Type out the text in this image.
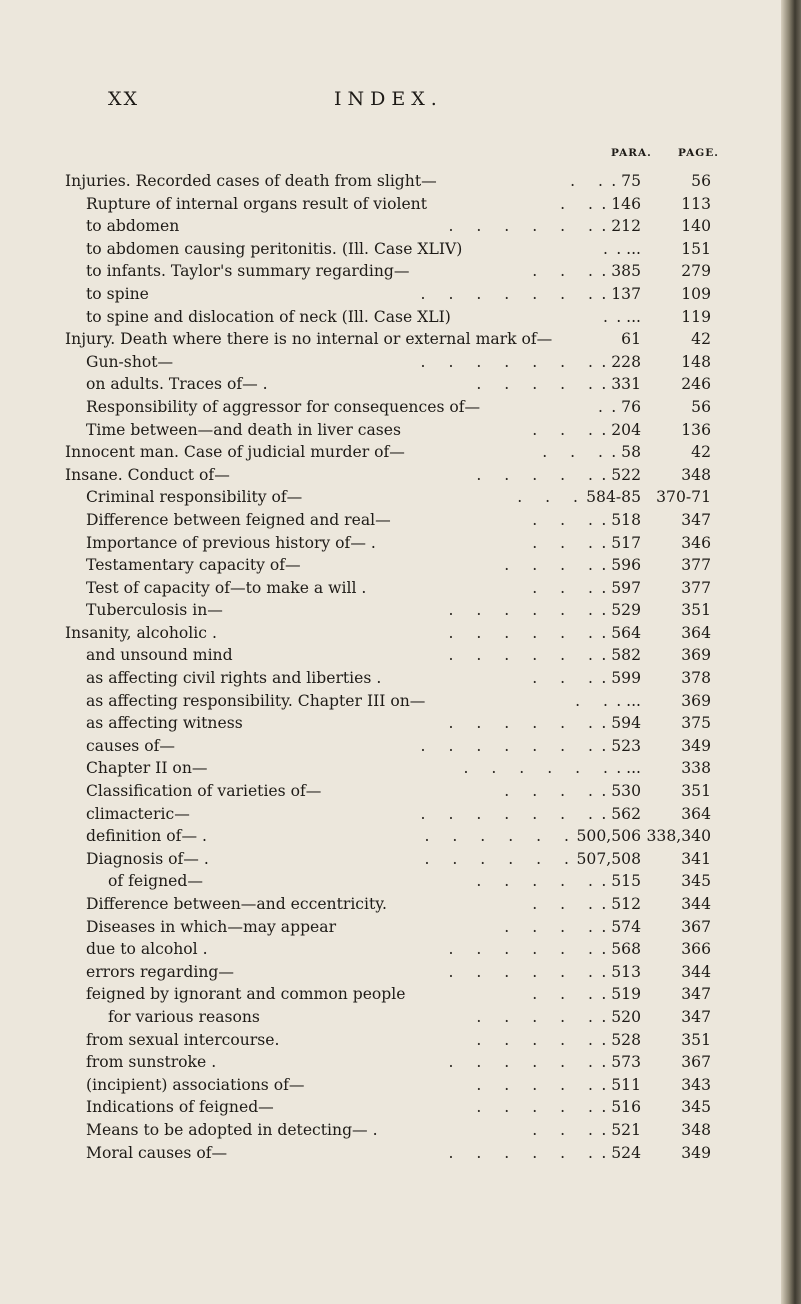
XX	INDEX.
PARA. PAGE.
Injuries. Recorded cases of death from slight—	. . . 75	56
Rupture of internal organs result of violent	. . . 146	113
to abdomen	. . . . . . . 212	140
to abdomen causing peritonitis. (Ill. Case XLIV)	. . ...	151
to infants. Taylor's summary regarding—	. . . . 385	279
to spine	. . . . . . . . 137	109
to spine and dislocation of neck (Ill. Case XLI)	. . ...	119
Injury. Death where there is no internal or external mark of—	61	42
Gun-shot—	. . . . . . . . 228	148
on adults. Traces of— .	. . . . . . 331	246
Responsibility of aggressor for consequences of—	. . 76	56
Time between—and death in liver cases	. . . . 204	136
Innocent man. Case of judicial murder of—	. . . . 58	42
Insane. Conduct of—	. . . . . . 522	348
Criminal responsibility of—	. . . 584-85 370-71
Difference between feigned and real—	. . . . 518	347
Importance of previous history of— .	. . . . 517	346
Testamentary capacity of—	. . . . . 596	377
Test of capacity of—to make a will .	. . . . 597	377
Tuberculosis in—	. . . . . . . 529	351
Insanity, alcoholic .	. . . . . . . 564	364
and unsound mind	. . . . . . . 582	369
as affecting civil rights and liberties .	. . . . 599	378
as affecting responsibility. Chapter III on—	. . . ...	369
as affecting witness	. . . . . . . 594	375
causes of—	. . . . . . . . 523	349
Chapter II on—	. . . . . . . ...	338
Classification of varieties of—	. . . . . 530	351
climacteric—	. . . . . . . . 562	364
definition of— .	. . . . . . 500,506 338,340
Diagnosis of— .	. . . . . . 507,508	341
of feigned—	. . . . . . 515	345
Difference between—and eccentricity.	. . . . 512	344
Diseases in which—may appear	. . . . . 574	367
due to alcohol .	. . . . . . . 568	366
errors regarding—	. . . . . . . 513	344
feigned by ignorant and common people	. . . . 519	347
for various reasons	. . . . . . 520	347
from sexual intercourse.	. . . . . . 528	351
from sunstroke .	. . . . . . . 573	367
(incipient) associations of—	. . . . . . 511	343
Indications of feigned—	. . . . . . 516	345
Means to be adopted in detecting— .	. . . . 521	348
Moral causes of—	. . . . . . . 524	349
